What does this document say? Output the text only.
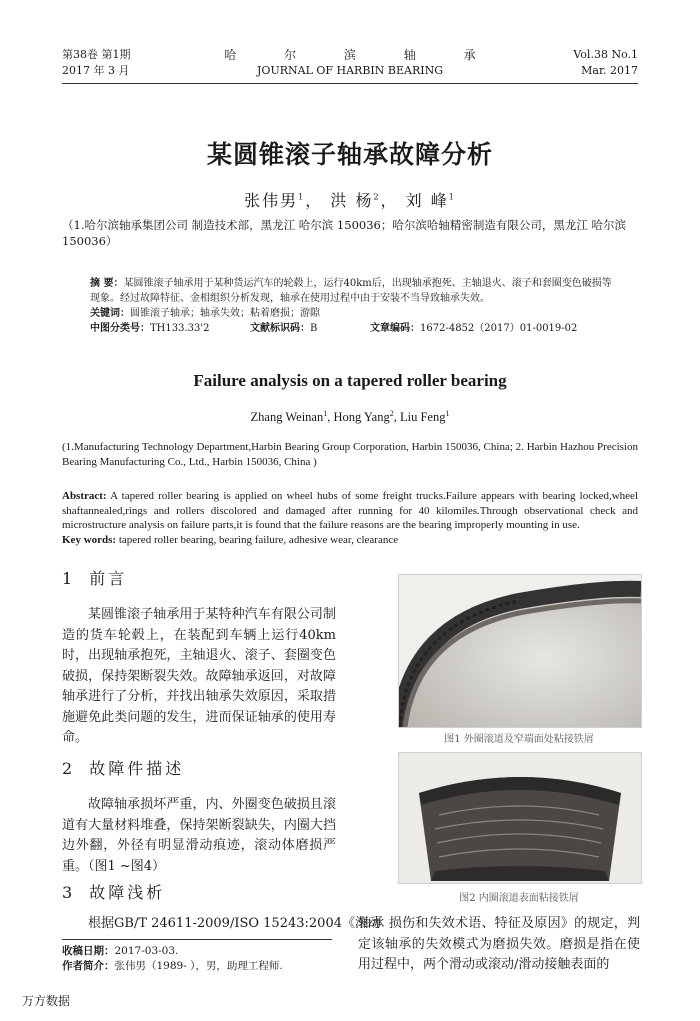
第38卷 第1期
2017 年 3 月
哈 尔 滨 轴 承
JOURNAL OF HARBIN BEARING
Vol.38 No.1
Mar. 2017
某圆锥滚子轴承故障分析
张伟男$^1$， 洪 杨$^2$， 刘 峰$^1$
（1.哈尔滨轴承集团公司 制造技术部，黑龙江 哈尔滨 150036；哈尔滨哈轴精密制造有限公司，黑龙江 哈尔滨 150036）
摘 要：某圆锥滚子轴承用于某种货运汽车的轮毂上，运行40km后，出现轴承抱死、主轴退火、滚子和套圈变色破损等现象。经过故障特征、金相组织分析发现，轴承在使用过程中由于安装不当导致轴承失效。
关键词：圆锥滚子轴承；轴承失效；粘着磨损；游隙
中图分类号： TH133.33'2	文献标识码： B	文章编码： 1672-4852（2017）01-0019-02
Failure analysis on a tapered roller bearing
Zhang Weinan$^1$, Hong Yang$^2$, Liu Feng$^1$
(1.Manufacturing Technology Department,Harbin Bearing Group Corporation, Harbin 150036, China; 2. Harbin Hazhou Precision Bearing Manufacturing Co., Ltd., Harbin 150036, China )
Abstract: A tapered roller bearing is applied on wheel hubs of some freight trucks.Failure appears with bearing locked,wheel shaftannealed,rings and rollers discolored and damaged after running for 40 kilomiles.Through observational check and microstructure analysis on failure parts,it is found that the failure reasons are the bearing improperly mounting in use.
Key words: tapered roller bearing, bearing failure, adhesive wear, clearance
1 前言
某圆锥滚子轴承用于某特种汽车有限公司制造的货车轮毂上，在装配到车辆上运行40km时，出现轴承抱死，主轴退火、滚子、套圈变色破损，保持架断裂失效。故障轴承返回，对故障轴承进行了分析，并找出轴承失效原因，采取措施避免此类问题的发生，进而保证轴承的使用寿命。
2 故障件描述
故障轴承损坏严重，内、外圈变色破损且滚道有大量材料堆叠，保持架断裂缺失，内圈大挡边外翻，外径有明显滑动痕迹，滚动体磨损严重。（图1 ~图4）
3 故障浅析
根据GB/T 24611-2009/ISO 15243:2004《滚动
图1 外圈滚道及窄端面处粘接铁屑
图2 内圈滚道表面粘接铁屑
轴承 损伤和失效术语、特征及原因》的规定，判定该轴承的失效模式为磨损失效。磨损是指在使用过程中，两个滑动或滚动/滑动接触表面的
收稿日期：2017-03-03.
作者简介：张伟男（1989- ），男，助理工程师.
万方数据
